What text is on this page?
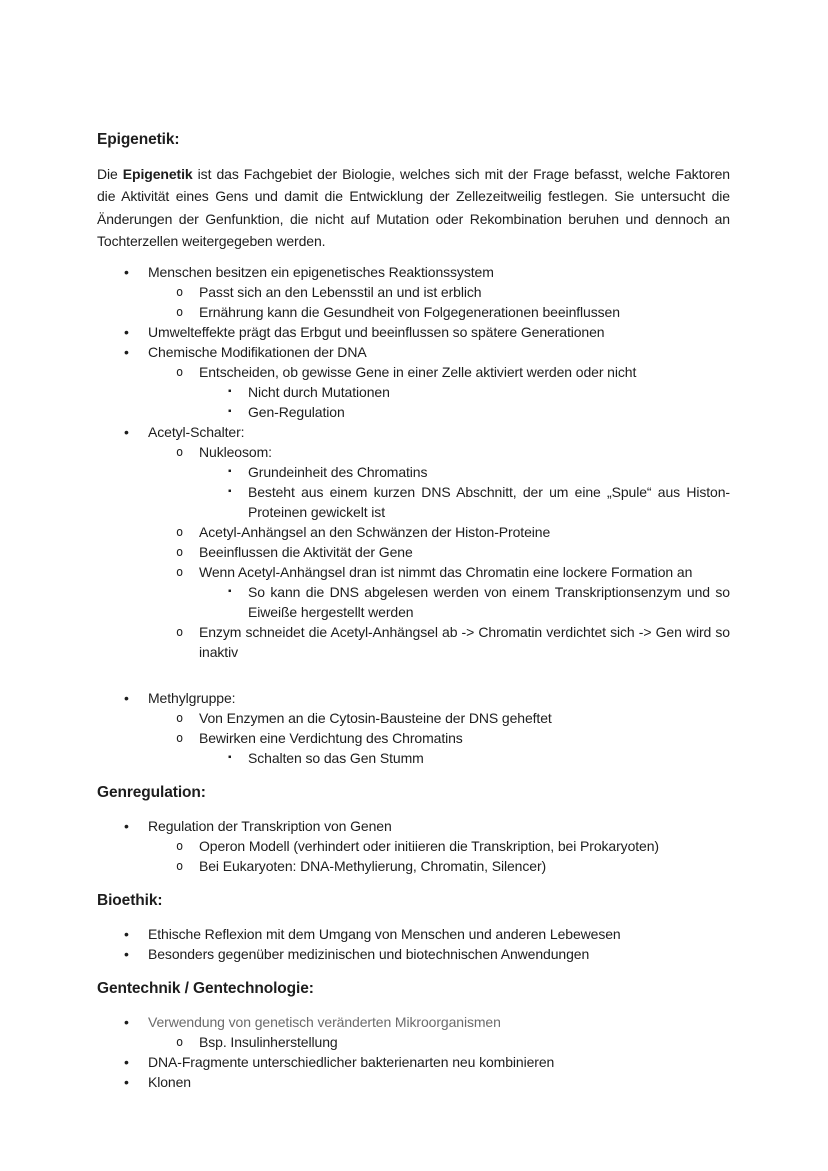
Epigenetik:
Die Epigenetik ist das Fachgebiet der Biologie, welches sich mit der Frage befasst, welche Faktoren die Aktivität eines Gens und damit die Entwicklung der Zellezeitweilig festlegen. Sie untersucht die Änderungen der Genfunktion, die nicht auf Mutation oder Rekombination beruhen und dennoch an Tochterzellen weitergegeben werden.
• Menschen besitzen ein epigenetisches Reaktionssystem
o Passt sich an den Lebensstil an und ist erblich
o Ernährung kann die Gesundheit von Folgegenerationen beeinflussen
• Umwelteffekte prägt das Erbgut und beeinflussen so spätere Generationen
• Chemische Modifikationen der DNA
o Entscheiden, ob gewisse Gene in einer Zelle aktiviert werden oder nicht
▪ Nicht durch Mutationen
▪ Gen-Regulation
• Acetyl-Schalter:
o Nukleosom:
▪ Grundeinheit des Chromatins
▪ Besteht aus einem kurzen DNS Abschnitt, der um eine „Spule“ aus Histon-Proteinen gewickelt ist
o Acetyl-Anhängsel an den Schwänzen der Histon-Proteine
o Beeinflussen die Aktivität der Gene
o Wenn Acetyl-Anhängsel dran ist nimmt das Chromatin eine lockere Formation an
▪ So kann die DNS abgelesen werden von einem Transkriptionsenzym und so Eiweiße hergestellt werden
o Enzym schneidet die Acetyl-Anhängsel ab -> Chromatin verdichtet sich -> Gen wird so inaktiv
• Methylgruppe:
o Von Enzymen an die Cytosin-Bausteine der DNS geheftet
o Bewirken eine Verdichtung des Chromatins
▪ Schalten so das Gen Stumm
Genregulation:
• Regulation der Transkription von Genen
o Operon Modell (verhindert oder initiieren die Transkription, bei Prokaryoten)
o Bei Eukaryoten: DNA-Methylierung, Chromatin, Silencer)
Bioethik:
• Ethische Reflexion mit dem Umgang von Menschen und anderen Lebewesen
• Besonders gegenüber medizinischen und biotechnischen Anwendungen
Gentechnik / Gentechnologie:
• Verwendung von genetisch veränderten Mikroorganismen
o Bsp. Insulinherstellung
• DNA-Fragmente unterschiedlicher bakterienarten neu kombinieren
• Klonen
